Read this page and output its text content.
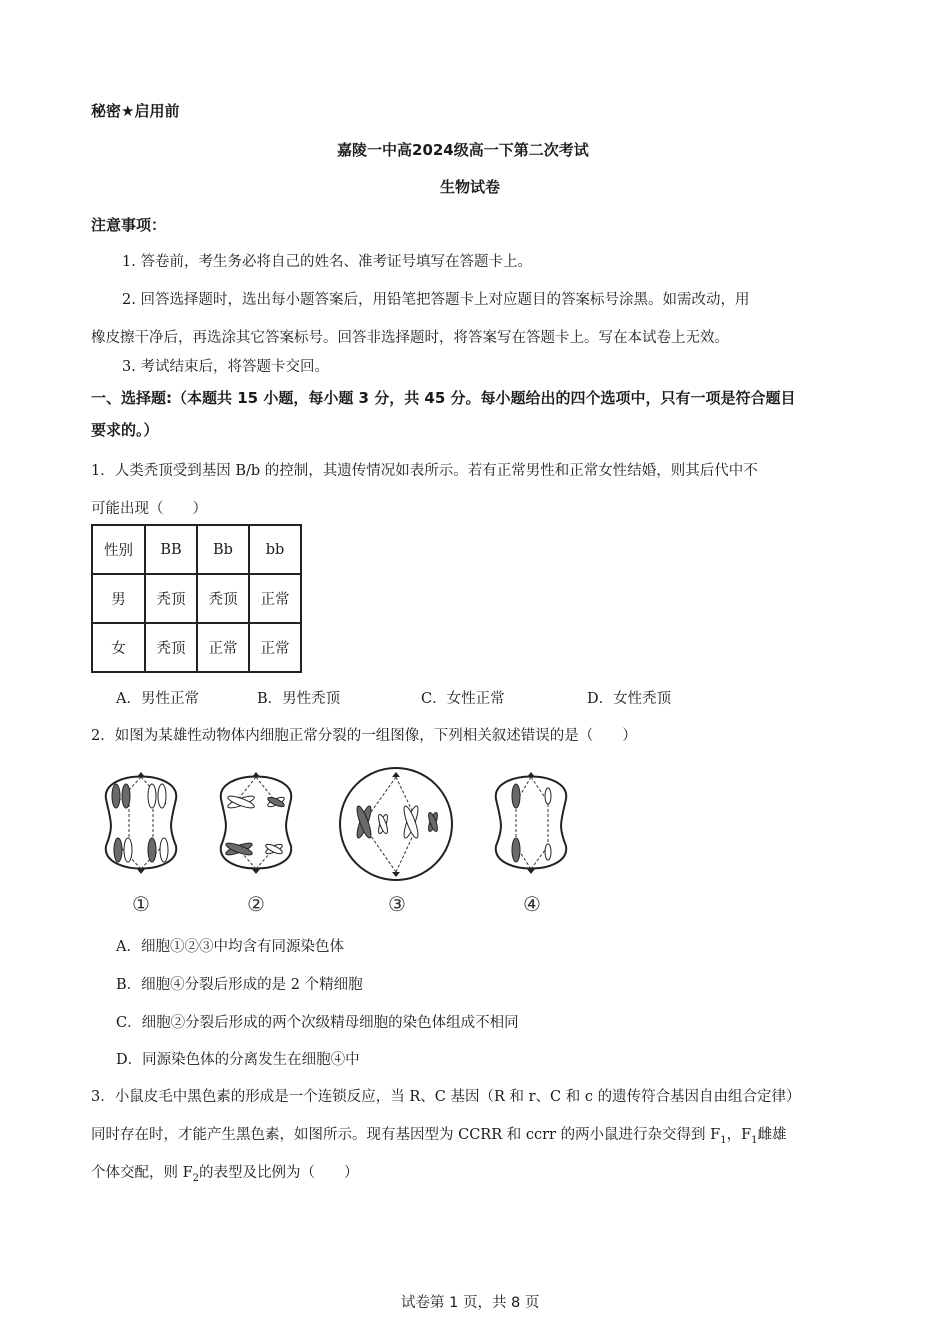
秘密★启用前
嘉陵一中高2024级高一下第二次考试
生物试卷
注意事项：
1. 答卷前，考生务必将自己的姓名、准考证号填写在答题卡上。
2. 回答选择题时，选出每小题答案后，用铅笔把答题卡上对应题目的答案标号涂黑。如需改动，用
橡皮擦干净后，再选涂其它答案标号。回答非选择题时，将答案写在答题卡上。写在本试卷上无效。
3. 考试结束后，将答题卡交回。
一、选择题:（本题共 15 小题，每小题 3 分，共 45 分。每小题给出的四个选项中，只有一项是符合题目
要求的。）
1．人类秃顶受到基因 B/b 的控制，其遗传情况如表所示。若有正常男性和正常女性结婚，则其后代中不
可能出现（　　）
性别	BB	Bb	bb
男	秃顶	秃顶	正常
女	秃顶	正常	正常
A．男性正常	B．男性秃顶	C．女性正常	D．女性秃顶
2．如图为某雄性动物体内细胞正常分裂的一组图像，下列相关叙述错误的是（　　）
①	②	③	④
A．细胞①②③中均含有同源染色体
B．细胞④分裂后形成的是 2 个精细胞
C．细胞②分裂后形成的两个次级精母细胞的染色体组成不相同
D．同源染色体的分离发生在细胞④中
3．小鼠皮毛中黑色素的形成是一个连锁反应，当 R、C 基因（R 和 r、C 和 c 的遗传符合基因自由组合定律）
同时存在时，才能产生黑色素，如图所示。现有基因型为 CCRR 和 ccrr 的两小鼠进行杂交得到 $F_1$，$F_1$雌雄
个体交配，则 $F_2$的表型及比例为（　　）
试卷第 1 页，共 8 页
